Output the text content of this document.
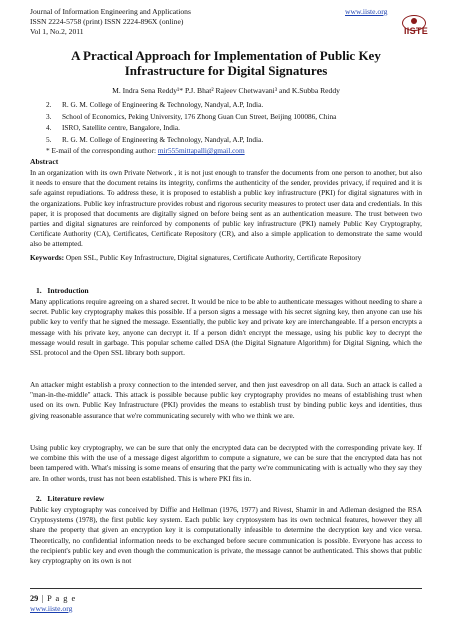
Journal of Information Engineering and Applications
ISSN 2224-5758 (print) ISSN 2224-896X (online)
Vol 1, No.2, 2011
www.iiste.org
IISTE
A Practical Approach for Implementation of Public Key Infrastructure for Digital Signatures
M. Indra Sena Reddy¹* P.J. Bhat² Rajeev Chetwavani³ and K.Subba Reddy
2. R. G. M. College of Engineering & Technology, Nandyal, A.P, India.
3. School of Economics, Peking University, 176 Zhong Guan Cun Street, Beijing 100086, China
4. ISRO, Satellite centre, Bangalore, India.
5. R. G. M. College of Engineering & Technology, Nandyal, A.P, India.
* E-mail of the corresponding author: mir555mittapalli@gmail.com
Abstract
In an organization with its own Private Network , it is not just enough to transfer the documents from one person to another, but also it needs to ensure that the document retains its integrity, confirms the authenticity of the sender, provides privacy, if required and it is safe against repudiations. To address these, it is proposed to establish a public key infrastructure (PKI) for digital signatures with in the organizations. Public key infrastructure provides robust and rigorous security measures to protect user data and credentials. In this paper, it is proposed that documents are digitally signed on before being sent as an authentication measure. The trust between two parties and digital signatures are reinforced by components of public key infrastructure (PKI) namely Public Key Cryptography, Certificate Authority (CA), Certificates, Certificate Repository (CR), and also a simple application to demonstrate the same would also be attempted.
Keywords: Open SSL, Public Key Infrastructure, Digital signatures, Certificate Authority, Certificate Repository
1.   Introduction
Many applications require agreeing on a shared secret. It would be nice to be able to authenticate messages without needing to share a secret. Public key cryptography makes this possible. If a person signs a message with his secret signing key, then anyone can use his public key to verify that he signed the message. Essentially, the public key and private key are interchangeable. If a person encrypts a message with his private key, anyone can decrypt it. If a person didn't encrypt the message, using his public key to decrypt the message would result in garbage. This popular scheme called DSA (the Digital Signature Algorithm) for Digital Signing, which the SSL protocol and the Open SSL library both support.
An attacker might establish a proxy connection to the intended server, and then just eavesdrop on all data. Such an attack is called a "man-in-the-middle" attack. This attack is possible because public key cryptography provides no means of establishing trust when used on its own. Public Key Infrastructure (PKI) provides the means to establish trust by binding public keys and identities, thus giving reasonable assurance that we're communicating securely with who we think we are.
Using public key cryptography, we can be sure that only the encrypted data can be decrypted with the corresponding private key. If we combine this with the use of a message digest algorithm to compute a signature, we can be sure that the encrypted data has not been tampered with. What's missing is some means of ensuring that the party we're communicating with is actually who they say they are. In other words, trust has not been established. This is where PKI fits in.
2.   Literature review
Public key cryptography was conceived by Diffie and Hellman (1976, 1977) and Rivest, Shamir in and Adleman designed the RSA Cryptosystems (1978), the first public key system. Each public key cryptosystem has its own technical features, however they all share the property that given an encryption key it is computationally infeasible to determine the decryption key and vice versa. Theoretically, no confidential information needs to be exchanged before secure communication is possible. Everyone has access to the recipient's public key and even though the communication is private, the message cannot be authenticated. This shows that public key cryptography on its own is not
29 | P a g e
www.iiste.org
